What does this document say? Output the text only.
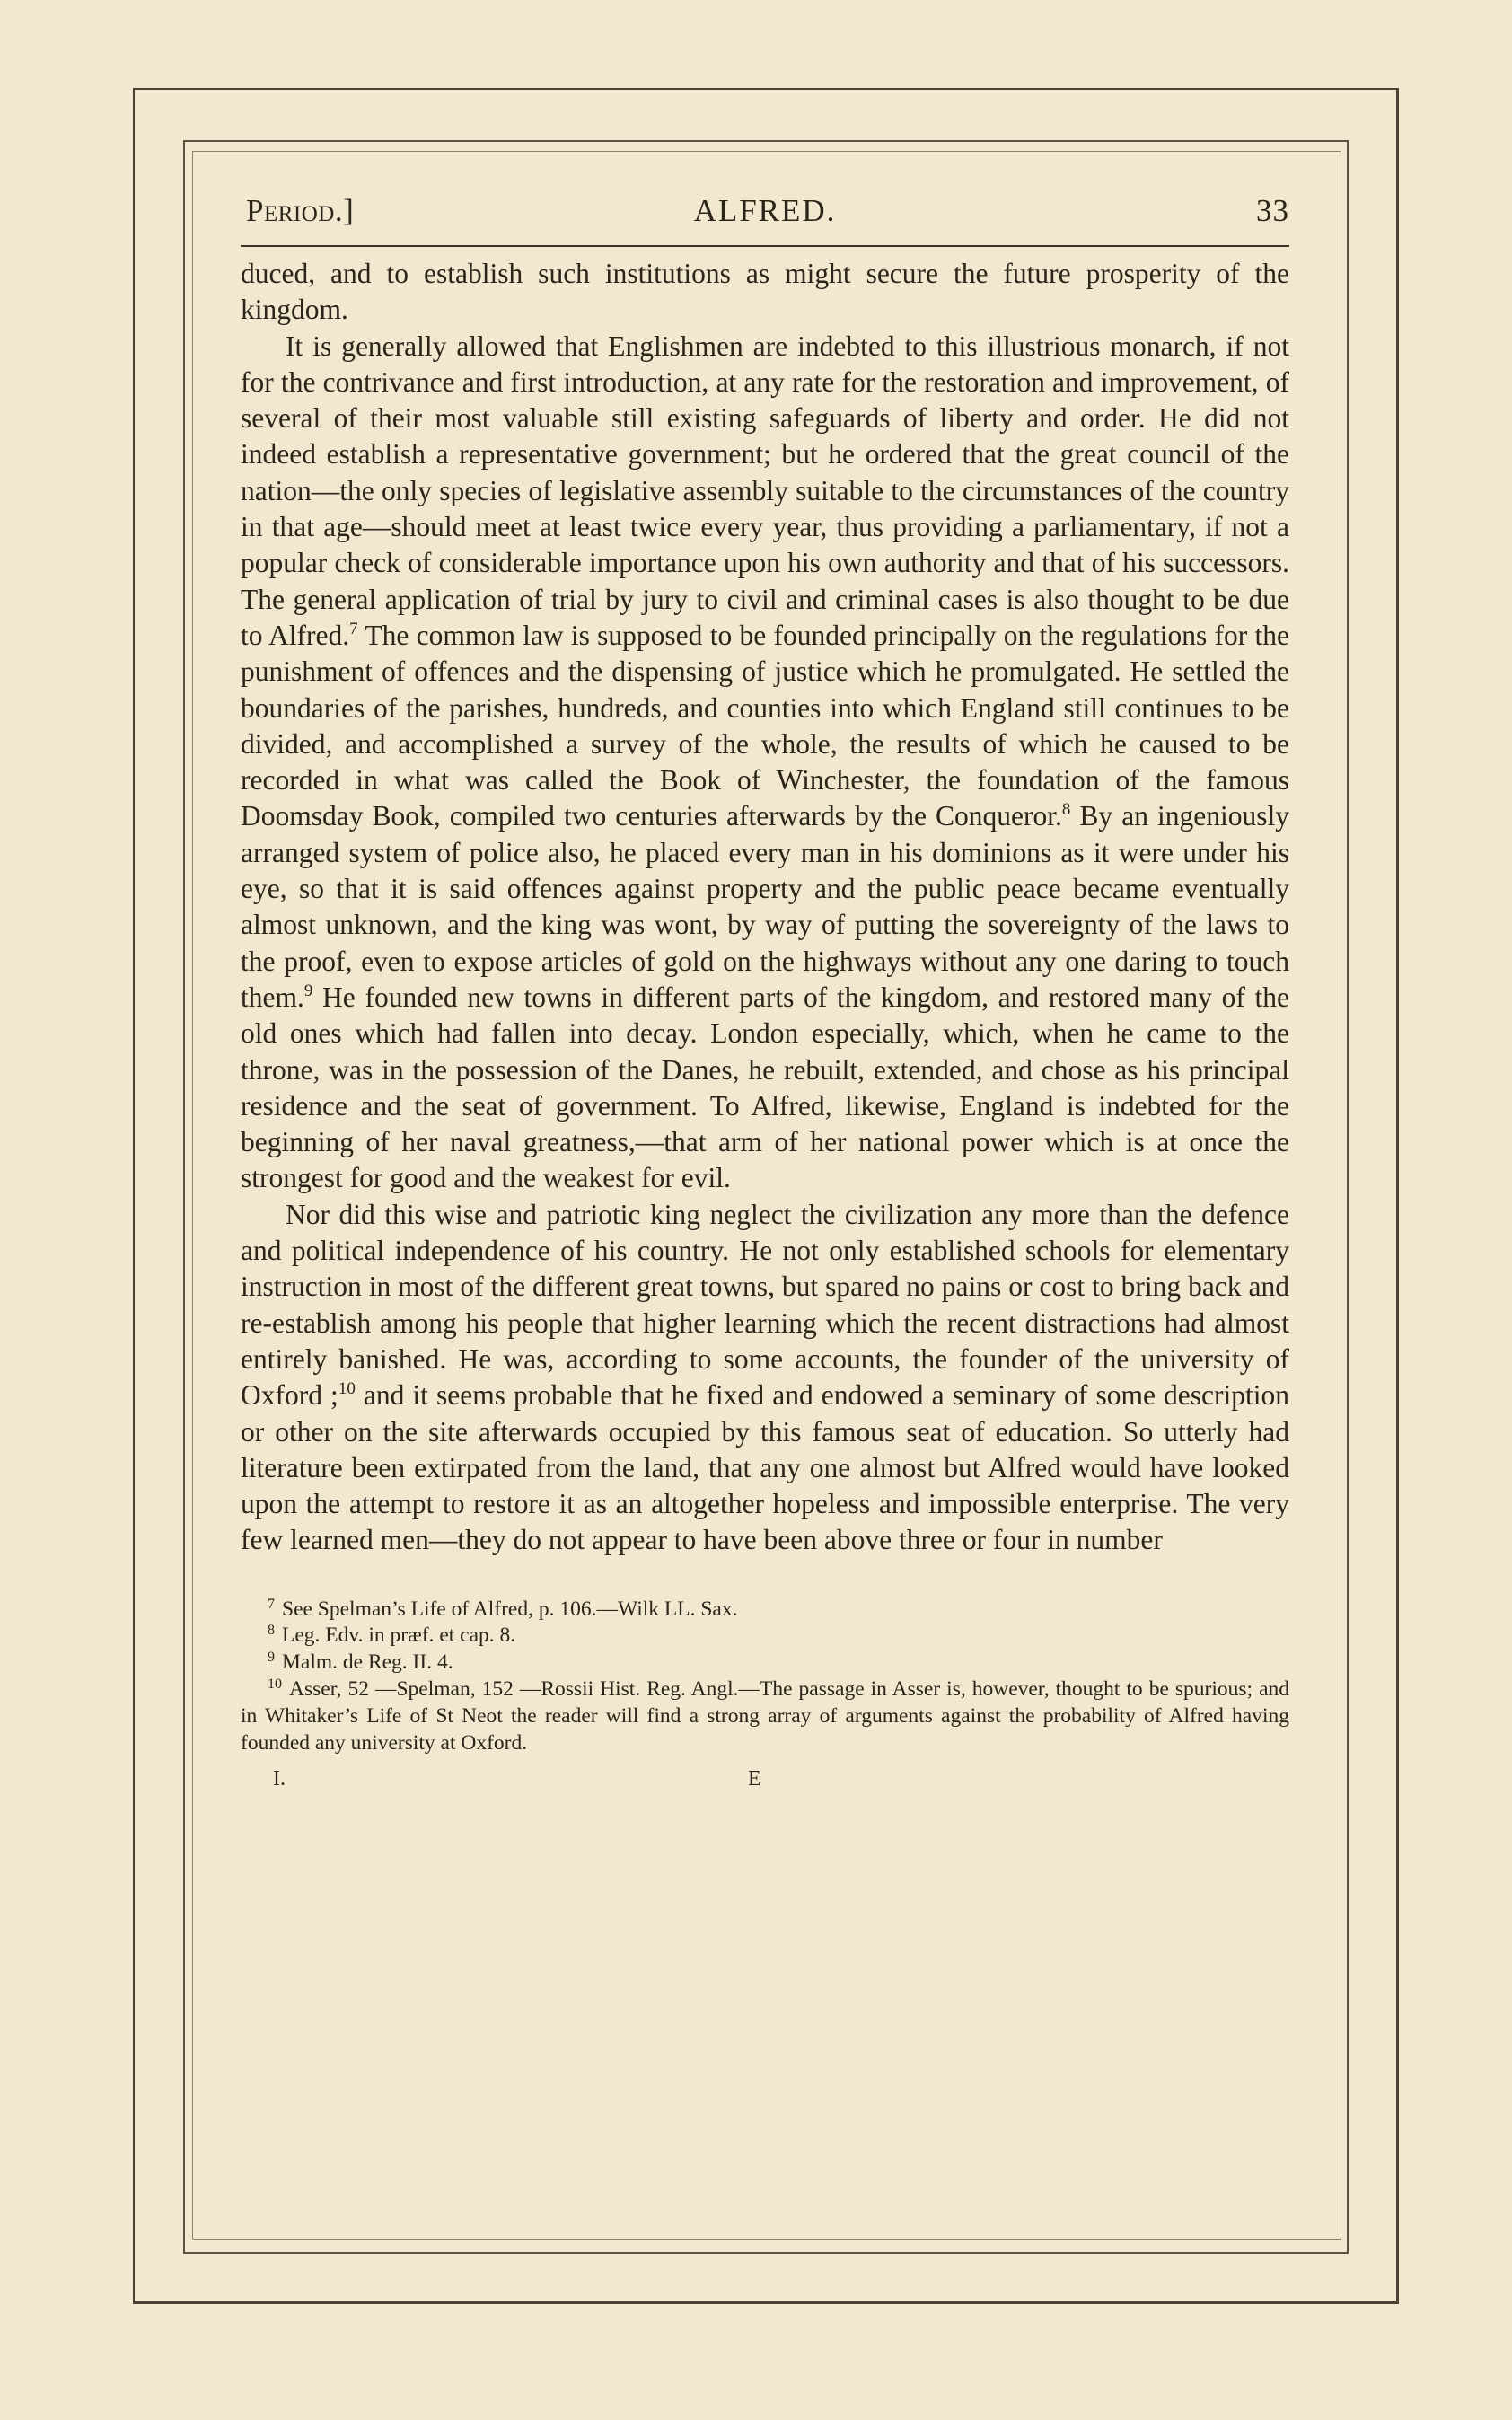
Period.]	ALFRED.	33

duced, and to establish such institutions as might secure the future prosperity of the kingdom.

It is generally allowed that Englishmen are indebted to this illustrious monarch, if not for the contrivance and first introduction, at any rate for the restoration and improvement, of several of their most valuable still existing safeguards of liberty and order. He did not indeed establish a representative government; but he ordered that the great council of the nation—the only species of legislative assembly suitable to the circumstances of the country in that age—should meet at least twice every year, thus providing a parliamentary, if not a popular check of considerable importance upon his own authority and that of his successors. The general application of trial by jury to civil and criminal cases is also thought to be due to Alfred.$^7$ The common law is supposed to be founded principally on the regulations for the punishment of offences and the dispensing of justice which he promulgated. He settled the boundaries of the parishes, hundreds, and counties into which England still continues to be divided, and accomplished a survey of the whole, the results of which he caused to be recorded in what was called the Book of Winchester, the foundation of the famous Doomsday Book, compiled two centuries afterwards by the Conqueror.$^8$ By an ingeniously arranged system of police also, he placed every man in his dominions as it were under his eye, so that it is said offences against property and the public peace became eventually almost unknown, and the king was wont, by way of putting the sovereignty of the laws to the proof, even to expose articles of gold on the highways without any one daring to touch them.$^9$ He founded new towns in different parts of the kingdom, and restored many of the old ones which had fallen into decay. London especially, which, when he came to the throne, was in the possession of the Danes, he rebuilt, extended, and chose as his principal residence and the seat of government. To Alfred, likewise, England is indebted for the beginning of her naval greatness,—that arm of her national power which is at once the strongest for good and the weakest for evil.

Nor did this wise and patriotic king neglect the civilization any more than the defence and political independence of his country. He not only established schools for elementary instruction in most of the different great towns, but spared no pains or cost to bring back and re-establish among his people that higher learning which the recent distractions had almost entirely banished. He was, according to some accounts, the founder of the university of Oxford ;$^{10}$ and it seems probable that he fixed and endowed a seminary of some description or other on the site afterwards occupied by this famous seat of education. So utterly had literature been extirpated from the land, that any one almost but Alfred would have looked upon the attempt to restore it as an altogether hopeless and impossible enterprise. The very few learned men—they do not appear to have been above three or four in number

$^7$ See Spelman’s Life of Alfred, p. 106.—Wilk LL. Sax.

$^8$ Leg. Edv. in præf. et cap. 8.

$^9$ Malm. de Reg. II. 4.

$^{10}$ Asser, 52 —Spelman, 152 —Rossii Hist. Reg. Angl.—The passage in Asser is, however, thought to be spurious; and in Whitaker’s Life of St Neot the reader will find a strong array of arguments against the probability of Alfred having founded any university at Oxford.

I.	E
